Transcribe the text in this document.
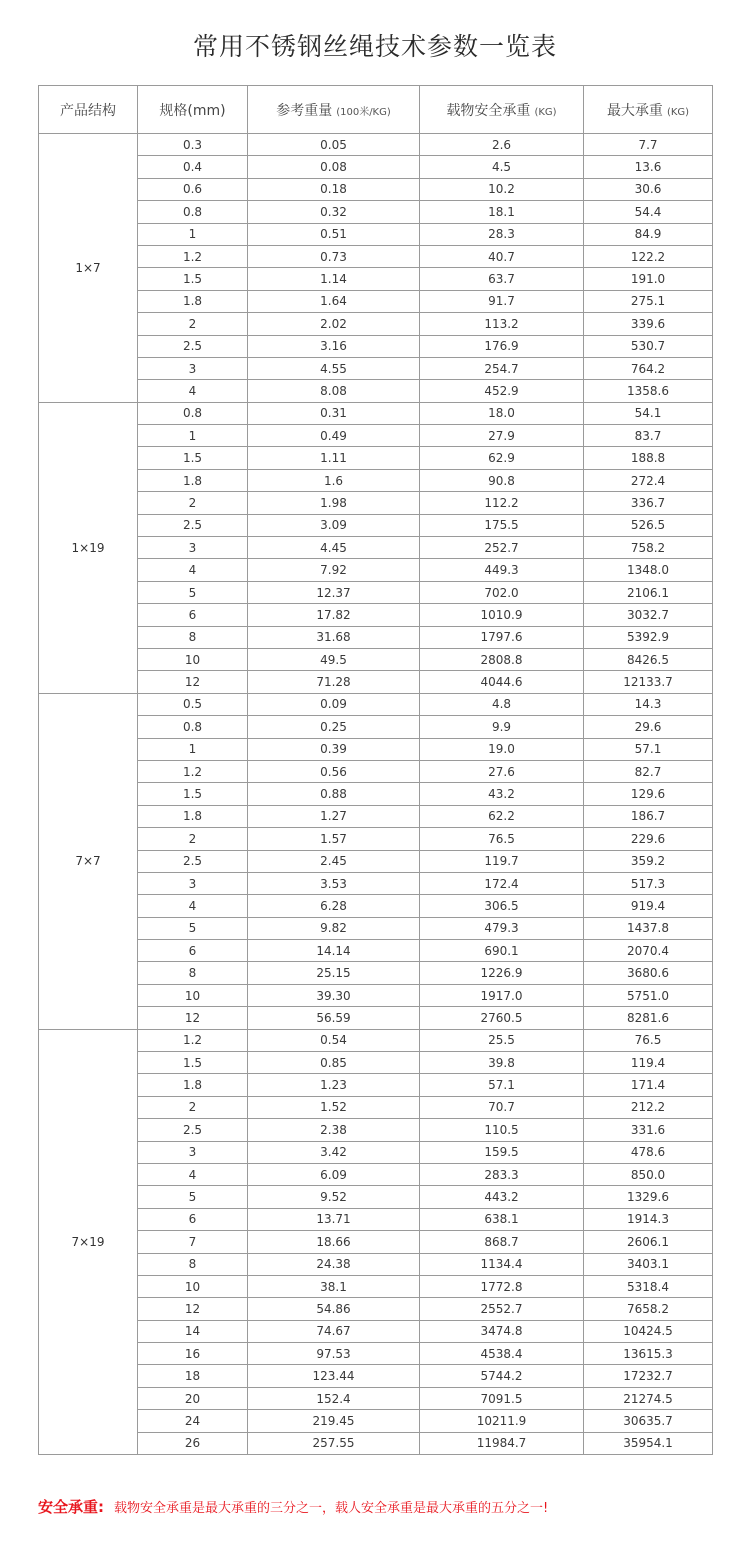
常用不锈钢丝绳技术参数一览表
产品结构	规格(mm)	参考重量 (100米/KG)	载物安全承重 (KG)	最大承重 (KG)
1×7	0.3	0.05	2.6	7.7
	0.4	0.08	4.5	13.6
	0.6	0.18	10.2	30.6
	0.8	0.32	18.1	54.4
	1	0.51	28.3	84.9
	1.2	0.73	40.7	122.2
	1.5	1.14	63.7	191.0
	1.8	1.64	91.7	275.1
	2	2.02	113.2	339.6
	2.5	3.16	176.9	530.7
	3	4.55	254.7	764.2
	4	8.08	452.9	1358.6
1×19	0.8	0.31	18.0	54.1
	1	0.49	27.9	83.7
	1.5	1.11	62.9	188.8
	1.8	1.6	90.8	272.4
	2	1.98	112.2	336.7
	2.5	3.09	175.5	526.5
	3	4.45	252.7	758.2
	4	7.92	449.3	1348.0
	5	12.37	702.0	2106.1
	6	17.82	1010.9	3032.7
	8	31.68	1797.6	5392.9
	10	49.5	2808.8	8426.5
	12	71.28	4044.6	12133.7
7×7	0.5	0.09	4.8	14.3
	0.8	0.25	9.9	29.6
	1	0.39	19.0	57.1
	1.2	0.56	27.6	82.7
	1.5	0.88	43.2	129.6
	1.8	1.27	62.2	186.7
	2	1.57	76.5	229.6
	2.5	2.45	119.7	359.2
	3	3.53	172.4	517.3
	4	6.28	306.5	919.4
	5	9.82	479.3	1437.8
	6	14.14	690.1	2070.4
	8	25.15	1226.9	3680.6
	10	39.30	1917.0	5751.0
	12	56.59	2760.5	8281.6
7×19	1.2	0.54	25.5	76.5
	1.5	0.85	39.8	119.4
	1.8	1.23	57.1	171.4
	2	1.52	70.7	212.2
	2.5	2.38	110.5	331.6
	3	3.42	159.5	478.6
	4	6.09	283.3	850.0
	5	9.52	443.2	1329.6
	6	13.71	638.1	1914.3
	7	18.66	868.7	2606.1
	8	24.38	1134.4	3403.1
	10	38.1	1772.8	5318.4
	12	54.86	2552.7	7658.2
	14	74.67	3474.8	10424.5
	16	97.53	4538.4	13615.3
	18	123.44	5744.2	17232.7
	20	152.4	7091.5	21274.5
	24	219.45	10211.9	30635.7
	26	257.55	11984.7	35954.1
安全承重: 载物安全承重是最大承重的三分之一，载人安全承重是最大承重的五分之一!
